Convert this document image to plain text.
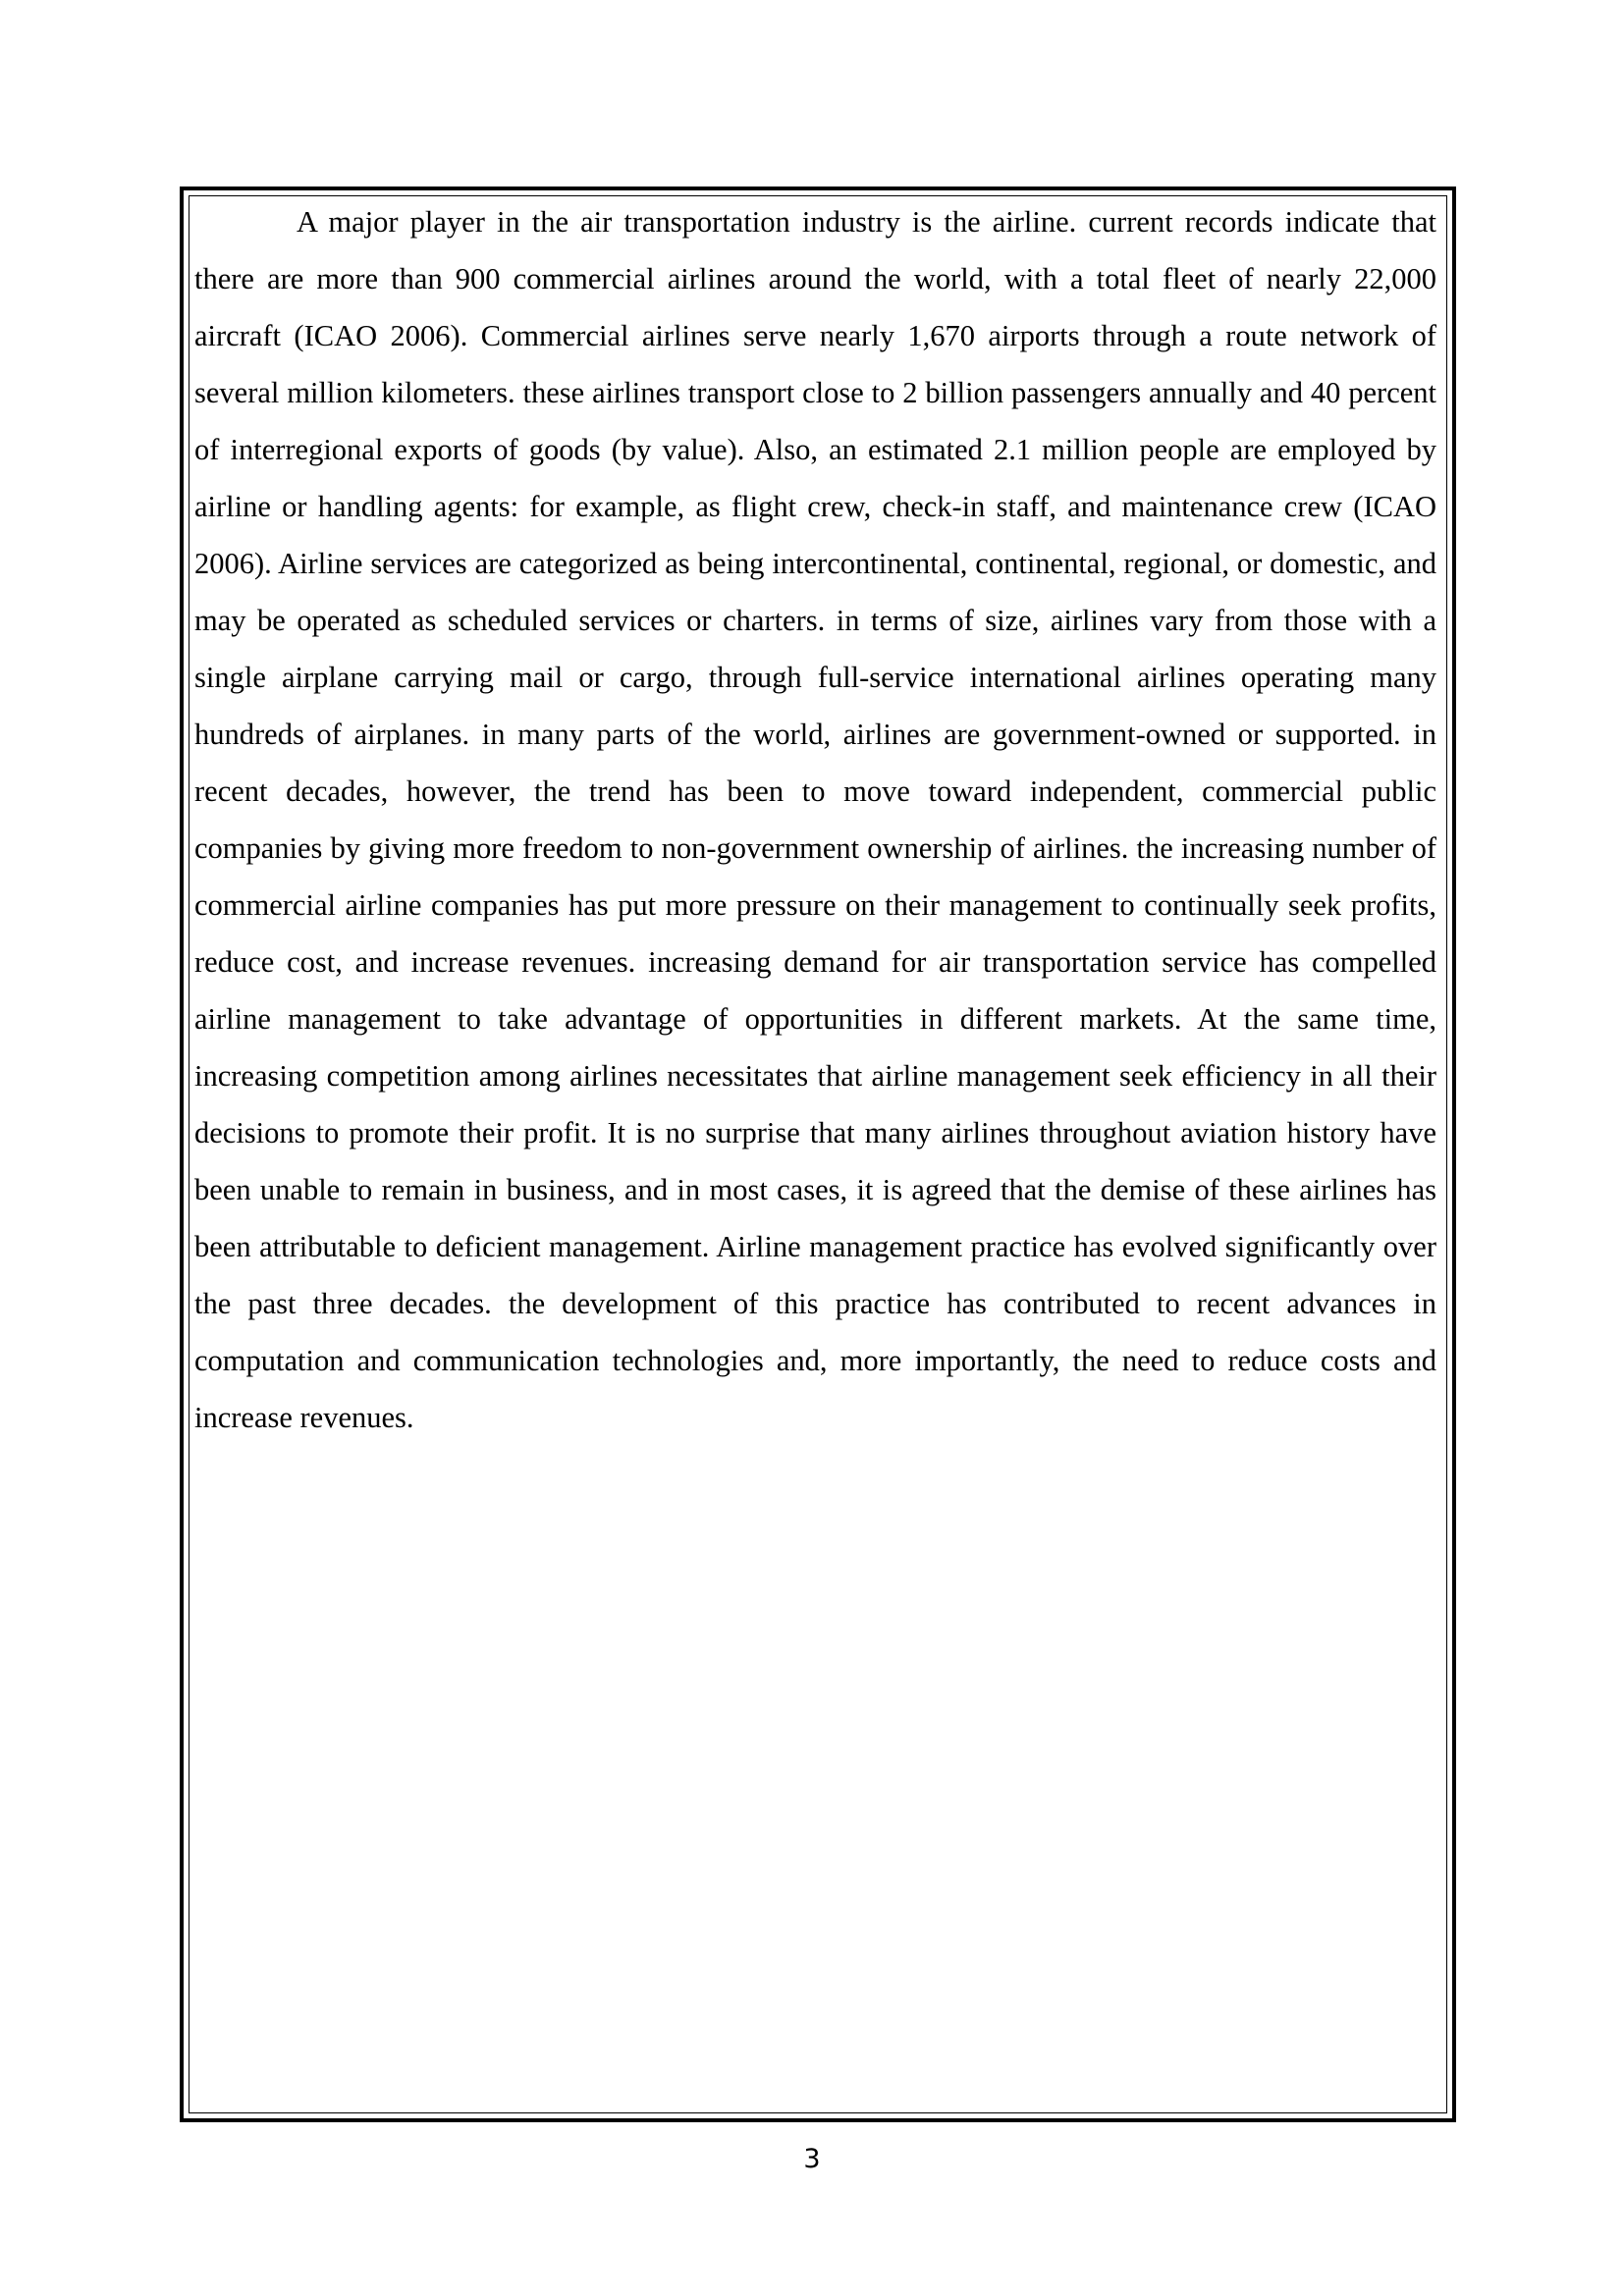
A major player in the air transportation industry is the airline. current records indicate that there are more than 900 commercial airlines around the world, with a total fleet of nearly 22,000 aircraft (ICAO 2006). Commercial airlines serve nearly 1,670 airports through a route network of several million kilometers. these airlines transport close to 2 billion passengers annually and 40 percent of interregional exports of goods (by value). Also, an estimated 2.1 million people are employed by airline or handling agents: for example, as flight crew, check-in staff, and maintenance crew (ICAO 2006). Airline services are categorized as being intercontinental, continental, regional, or domestic, and may be operated as scheduled services or charters. in terms of size, airlines vary from those with a single airplane carrying mail or cargo, through full-service international airlines operating many hundreds of airplanes. in many parts of the world, airlines are government-owned or supported. in recent decades, however, the trend has been to move toward independent, commercial public companies by giving more freedom to non-government ownership of airlines. the increasing number of commercial airline companies has put more pressure on their management to continually seek profits, reduce cost, and increase revenues. increasing demand for air transportation service has compelled airline management to take advantage of opportunities in different markets. At the same time, increasing competition among airlines necessitates that airline management seek efficiency in all their decisions to promote their profit. It is no surprise that many airlines throughout aviation history have been unable to remain in business, and in most cases, it is agreed that the demise of these airlines has been attributable to deficient management. Airline management practice has evolved significantly over the past three decades. the development of this practice has contributed to recent advances in computation and communication technologies and, more importantly, the need to reduce costs and increase revenues.

3
